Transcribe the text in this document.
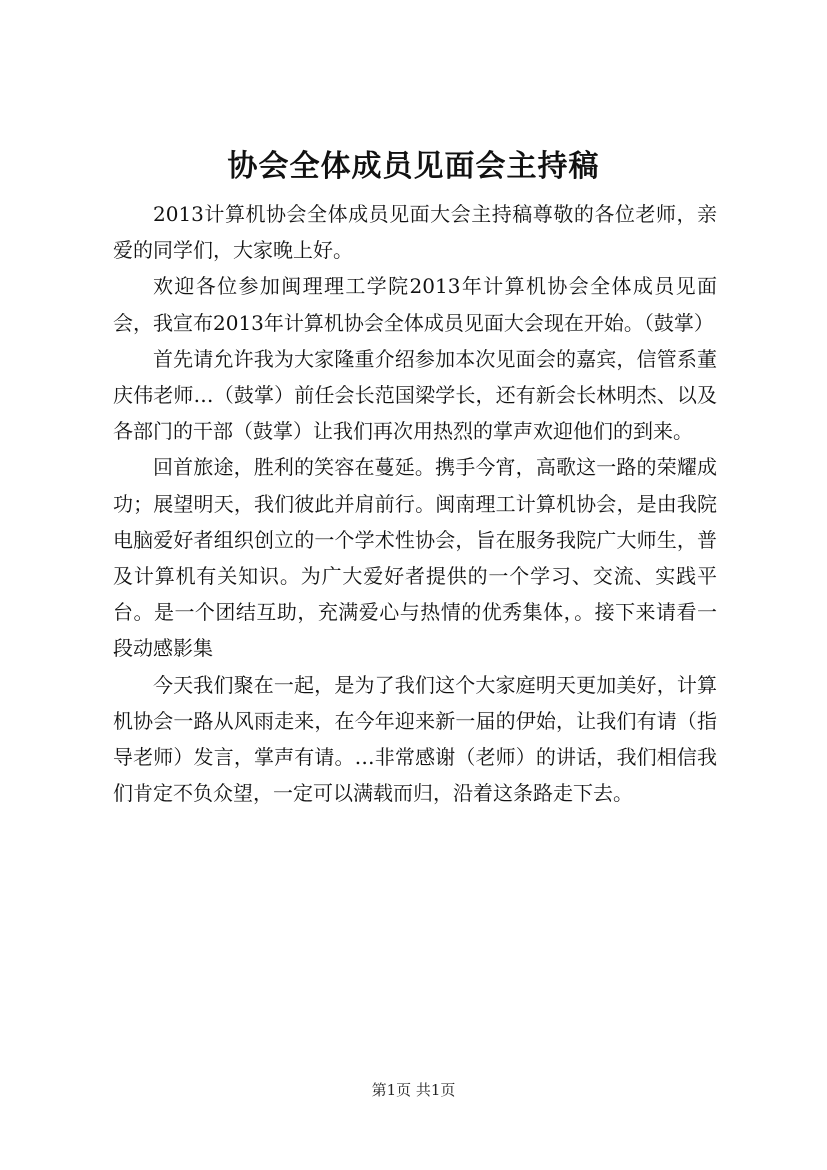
协会全体成员见面会主持稿

2013计算机协会全体成员见面大会主持稿尊敬的各位老师，亲爱的同学们，大家晚上好。

欢迎各位参加闽理理工学院2013年计算机协会全体成员见面会，我宣布2013年计算机协会全体成员见面大会现在开始。（鼓掌）

首先请允许我为大家隆重介绍参加本次见面会的嘉宾，信管系董庆伟老师…（鼓掌）前任会长范国梁学长，还有新会长林明杰、以及各部门的干部（鼓掌）让我们再次用热烈的掌声欢迎他们的到来。

回首旅途，胜利的笑容在蔓延。携手今宵，高歌这一路的荣耀成功；展望明天，我们彼此并肩前行。闽南理工计算机协会，是由我院电脑爱好者组织创立的一个学术性协会，旨在服务我院广大师生，普及计算机有关知识。为广大爱好者提供的一个学习、交流、实践平台。是一个团结互助，充满爱心与热情的优秀集体，。接下来请看一段动感影集

今天我们聚在一起，是为了我们这个大家庭明天更加美好，计算机协会一路从风雨走来，在今年迎来新一届的伊始，让我们有请（指导老师）发言，掌声有请。…非常感谢（老师）的讲话，我们相信我们肯定不负众望，一定可以满载而归，沿着这条路走下去。

第1页 共1页
